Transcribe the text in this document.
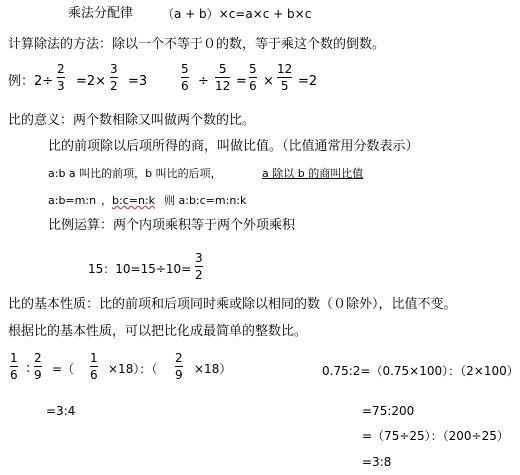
乘法分配律 （a + b）×c=a×c + b×c
计算除法的方法：除以一个不等于０的数，等于乘这个数的倒数。
例：2÷
2
3 =2×
3
2 =3
5
6 ÷
5
12 =
5
6 ×
12
5 =2
比的意义：两个数相除又叫做两个数的比。
比的前项除以后项所得的商，叫做比值。（比值通常用分数表示）
a:b a 叫比的前项，b 叫比的后项，	a 除以 b 的商叫比值
a:b=m:n ， b:c=n:k 则 a:b:c=m:n:k
比例运算：两个内项乘积等于两个外项乘积
15：10=15÷10=
3
2
比的基本性质：比的前项和后项同时乘或除以相同的数（０除外），比值不变。
根据比的基本性质，可以把比化成最简单的整数比。
1
6 :
2
9 =（
1
6 ×18）：（
2
9 ×18）
=3:4
0.75:2=（0.75×100）：（2×100）
=75:200
=（75÷25）：（200÷25）
=3:8
